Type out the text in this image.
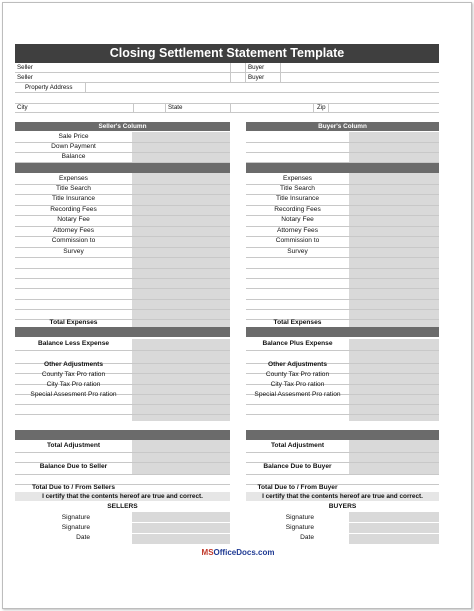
Closing Settlement Statement Template
Seller
Seller
Buyer
Buyer
Property Address
City	State	Zip
Seller's Column
Sale Price
Down Payment
Balance
Expenses
Title Search
Title Insurance
Recording Fees
Notary Fee
Attorney Fees
Commission to
Survey
Total Expenses
Balance Less Expense
Other Adjustments
County Tax Pro ration
City Tax Pro ration
Special Assesment Pro ration
Total Adjustment
Balance Due to Seller
Total Due to / From Sellers
I certify that the contents hereof are true and correct.
Buyer's Column
Expenses
Title Search
Title Insurance
Recording Fees
Notary Fee
Attorney Fees
Commission to
Survey
Total Expenses
Balance Plus Expense
Other Adjustments
County Tax Pro ration
City Tax Pro ration
Special Assesment Pro ration
Total Adjustment
Balance Due to Buyer
Total Due to / From Buyer
I certify that the contents hereof are true and correct.
SELLERS
Signature
Signature
Date
BUYERS
Signature
Signature
Date
MSOfficeDocs.com
